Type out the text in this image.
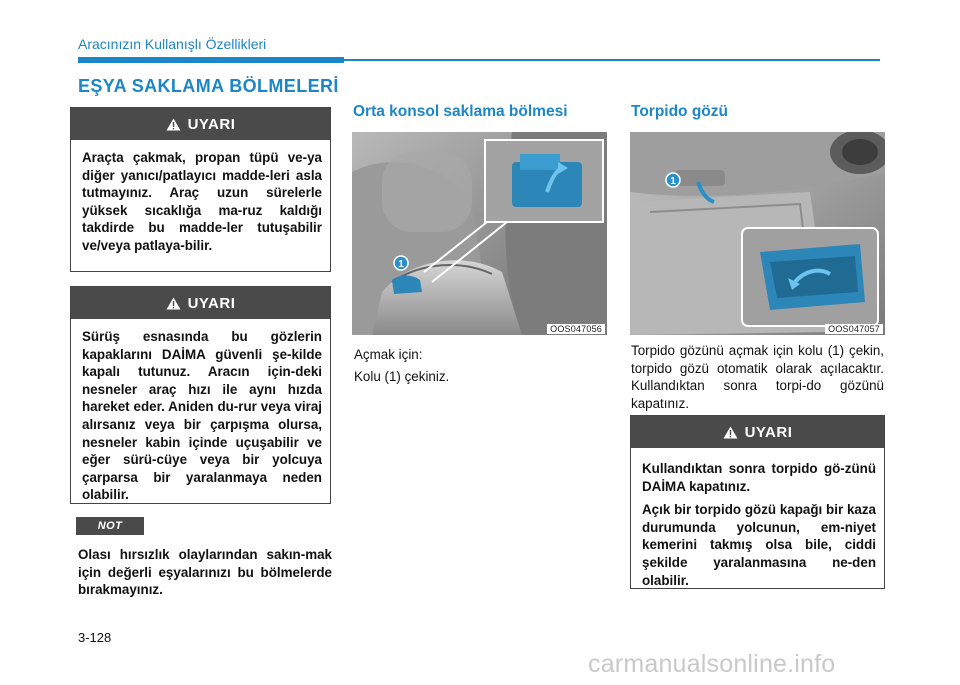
Aracınızın Kullanışlı Özellikleri
EŞYA SAKLAMA BÖLMELERİ
UYARI

Araçta çakmak, propan tüpü ve-ya diğer yanıcı/patlayıcı madde-leri asla tutmayınız. Araç uzun sürelerle yüksek sıcaklığa ma-ruz kaldığı takdirde bu madde-ler tutuşabilir ve/veya patlaya-bilir.

UYARI

Sürüş esnasında bu gözlerin kapaklarını DAİMA güvenli şe-kilde kapalı tutunuz. Aracın için-deki nesneler araç hızı ile aynı hızda hareket eder. Aniden du-rur veya viraj alırsanız veya bir çarpışma olursa, nesneler kabin içinde uçuşabilir ve eğer sürü-cüye veya bir yolcuya çarparsa bir yaralanmaya neden olabilir.

NOT
Olası hırsızlık olaylarından sakın-mak için değerli eşyalarınızı bu bölmelerde bırakmayınız.
Orta konsol saklama bölmesi
1
OOS047056

Açmak için:

Kolu (1) çekiniz.

Torpido gözü
1
OOS047057
Torpido gözünü açmak için kolu (1) çekin, torpido gözü otomatik olarak açılacaktır. Kullandıktan sonra torpi-do gözünü kapatınız.
UYARI

Kullandıktan sonra torpido gö-zünü DAİMA kapatınız.

Açık bir torpido gözü kapağı bir kaza durumunda yolcunun, em-niyet kemerini takmış olsa bile, ciddi şekilde yaralanmasına ne-den olabilir.

3-128
carmanualsonline.info
